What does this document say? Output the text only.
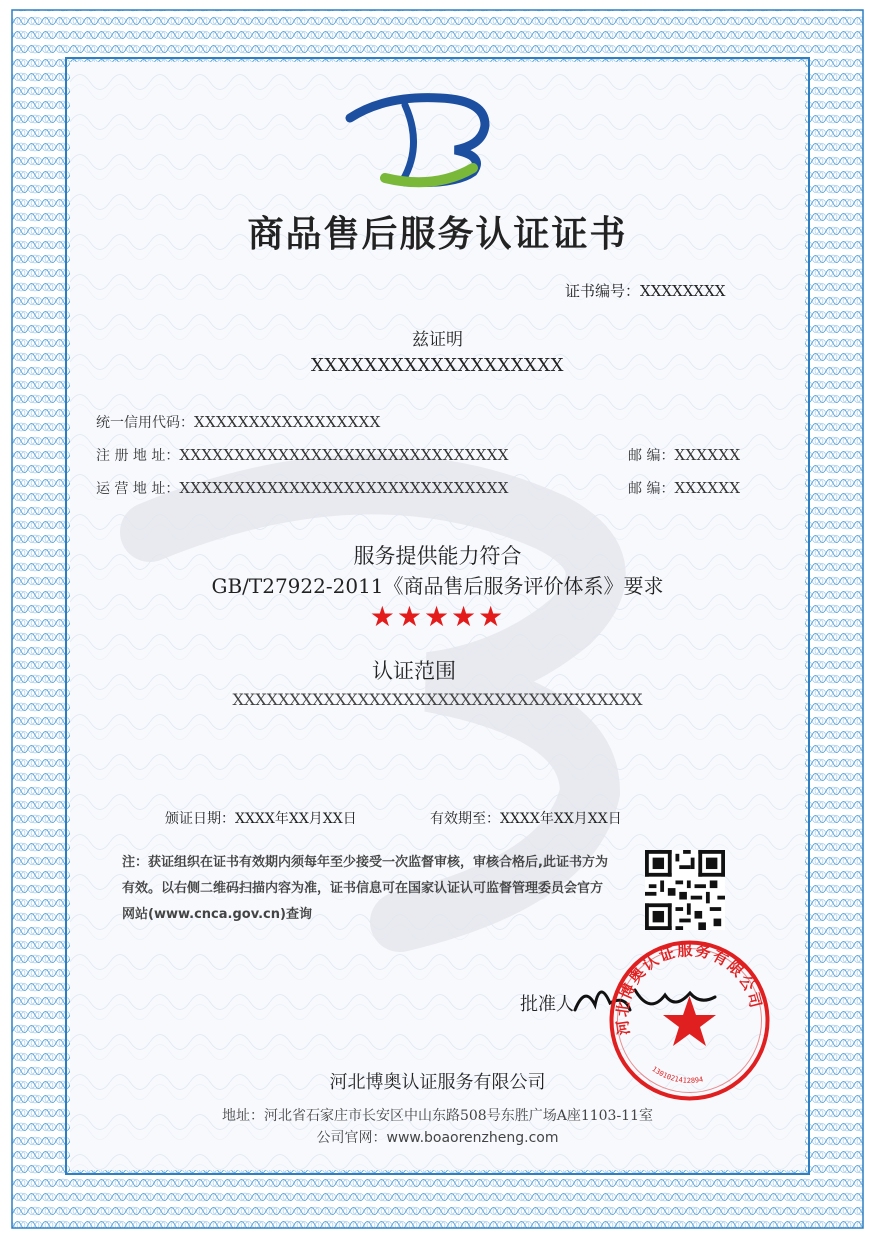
商品售后服务认证证书
证书编号：XXXXXXXX
兹证明
XXXXXXXXXXXXXXXXXXX
统一信用代码：XXXXXXXXXXXXXXXXX
注 册 地 址：XXXXXXXXXXXXXXXXXXXXXXXXXXXXXX	邮 编：XXXXXX
运 营 地 址：XXXXXXXXXXXXXXXXXXXXXXXXXXXXXX	邮 编：XXXXXX
服务提供能力符合
GB/T27922-2011《商品售后服务评价体系》要求
★★★★★
认证范围
XXXXXXXXXXXXXXXXXXXXXXXXXXXXXXXXXXXX
颁证日期：XXXX年XX月XX日	有效期至：XXXX年XX月XX日
注：获证组织在证书有效期内须每年至少接受一次监督审核，审核合格后,此证书方为有效。以右侧二维码扫描内容为准，证书信息可在国家认证认可监督管理委员会官方网站(www.cnca.gov.cn)查询
批准人
河北博奥认证服务有限公司
1301021412894
河北博奥认证服务有限公司
地址：河北省石家庄市长安区中山东路508号东胜广场A座1103-11室
公司官网：www.boaorenzheng.com
